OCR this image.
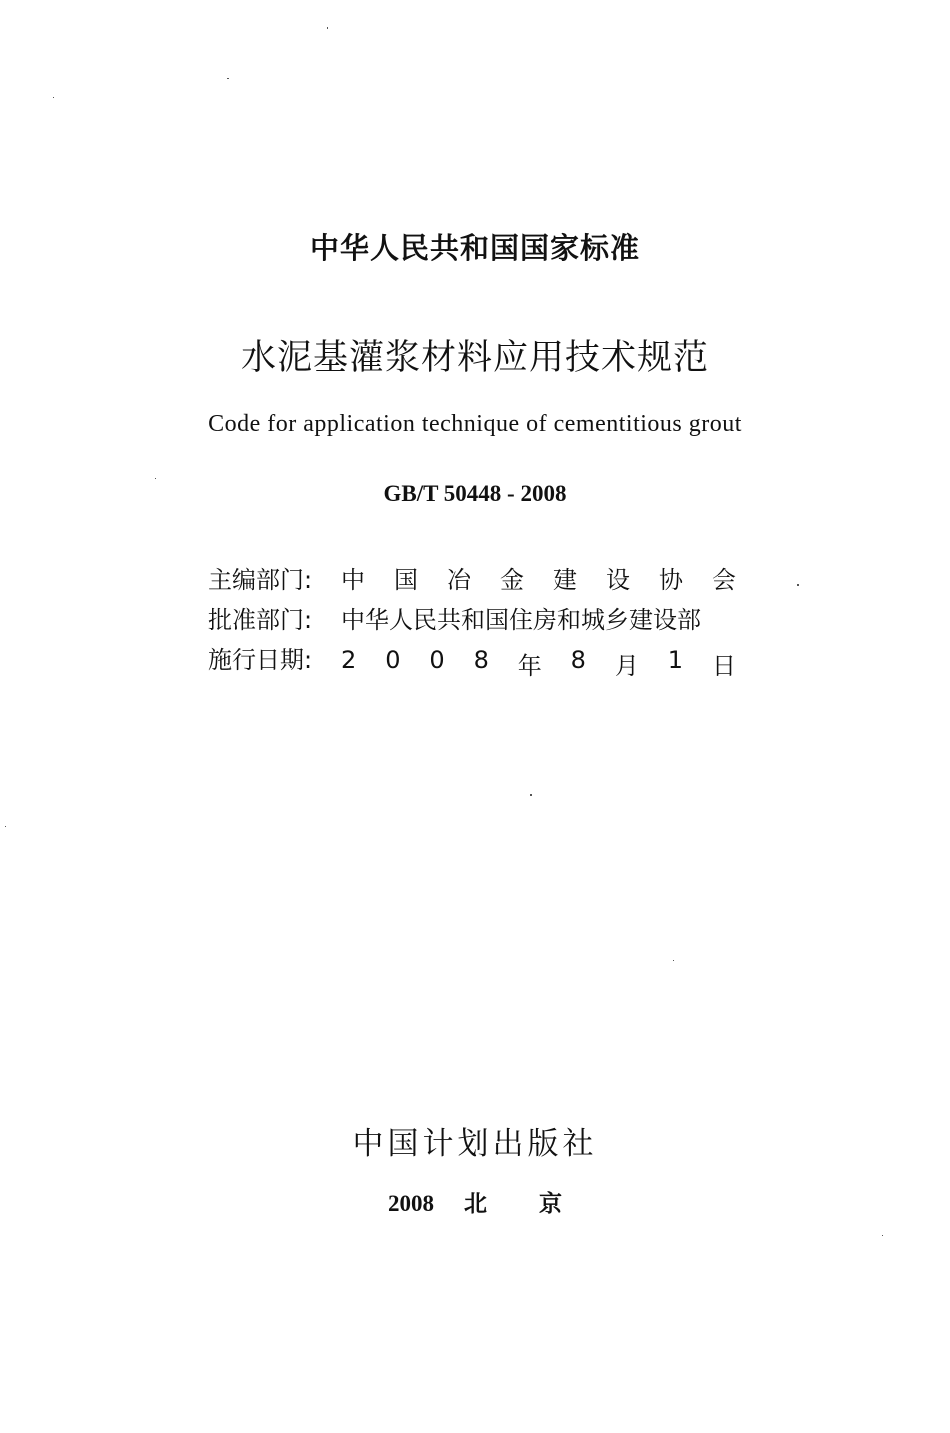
中华人民共和国国家标准
水泥基灌浆材料应用技术规范
Code for application technique of cementitious grout
GB/T 50448 - 2008
主编部门:	中 国 冶 金 建 设 协 会
批准部门:	中华人民共和国住房和城乡建设部
施行日期:	2 0 0 8 年 8 月 1 日
中国计划出版社
2008 北 京
